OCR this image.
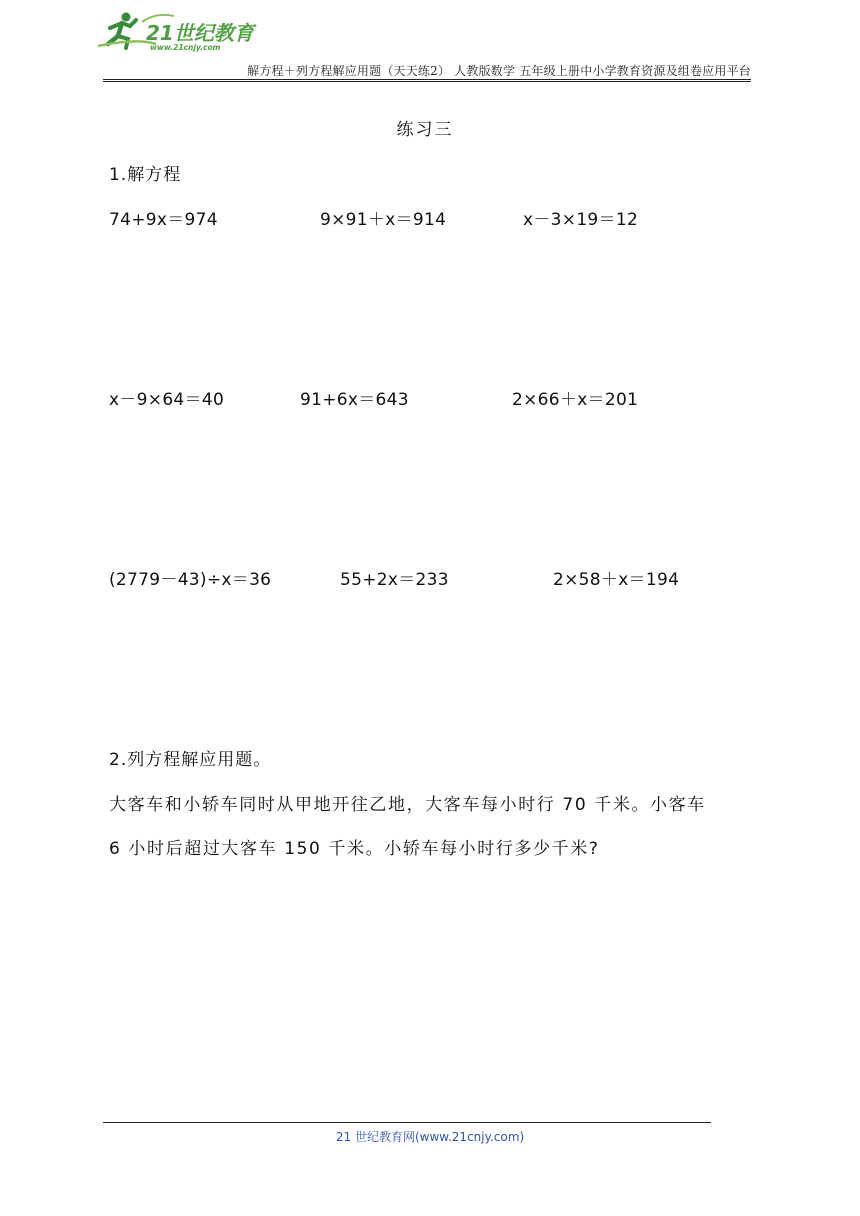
21世纪教育
www.21cnjy.com
解方程＋列方程解应用题（天天练2） 人教版数学 五年级上册中小学教育资源及组卷应用平台
练习三
1.解方程
74+9x＝974	9×91＋x＝914	x－3×19＝12
x－9×64＝40	91+6x＝643	2×66＋x＝201
(2779－43)÷x＝36	55+2x＝233	2×58＋x＝194
2.列方程解应用题。
大客车和小轿车同时从甲地开往乙地，大客车每小时行 70 千米。小客车
6 小时后超过大客车 150 千米。小轿车每小时行多少千米?
21 世纪教育网(www.21cnjy.com)
